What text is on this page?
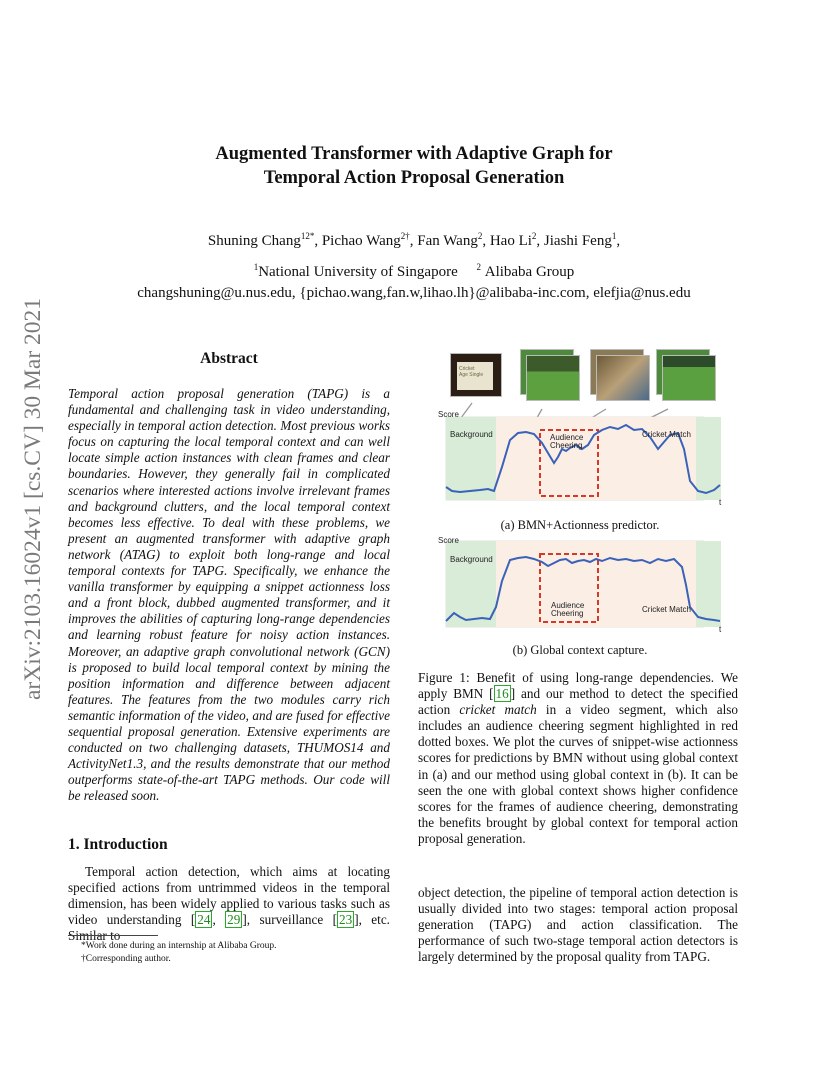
arXiv:2103.16024v1 [cs.CV] 30 Mar 2021
Augmented Transformer with Adaptive Graph for
Temporal Action Proposal Generation
Shuning Chang$^{12*}$, Pichao Wang$^{2\dagger}$, Fan Wang$^2$, Hao Li$^2$, Jiashi Feng$^1$,
$^1$National University of Singapore $^2$ Alibaba Group
changshuning@u.nus.edu, {pichao.wang,fan.w,lihao.lh}@alibaba-inc.com, elefjia@nus.edu
Abstract
Temporal action proposal generation (TAPG) is a fundamental and challenging task in video understanding, especially in temporal action detection. Most previous works focus on capturing the local temporal context and can well locate simple action instances with clean frames and clear boundaries. However, they generally fail in complicated scenarios where interested actions involve irrelevant frames and background clutters, and the local temporal context becomes less effective. To deal with these problems, we present an augmented transformer with adaptive graph network (ATAG) to exploit both long-range and local temporal contexts for TAPG. Specifically, we enhance the vanilla transformer by equipping a snippet actionness loss and a front block, dubbed augmented transformer, and it improves the abilities of capturing long-range dependencies and learning robust feature for noisy action instances. Moreover, an adaptive graph convolutional network (GCN) is proposed to build local temporal context by mining the position information and difference between adjacent features. The features from the two modules carry rich semantic information of the video, and are fused for effective sequential proposal generation. Extensive experiments are conducted on two challenging datasets, THUMOS14 and ActivityNet1.3, and the results demonstrate that our method outperforms state-of-the-art TAPG methods. Our code will be released soon.
1. Introduction
Temporal action detection, which aims at locating specified actions from untrimmed videos in the temporal dimension, has been widely applied to various tasks such as video understanding [ 24 , 29 ], surveillance [ 23 ], etc. Similar to
*Work done during an internship at Alibaba Group.
†Corresponding author.
Cricket
Age Single
Score
t
Background	Audience
Cheering
Cricket Match
Score
t
Background
Audience
Cheering	Cricket Match
(a) BMN+Actionness predictor.
(b) Global context capture.
Figure 1: Benefit of using long-range dependencies. We apply BMN [ 16 ] and our method to detect the specified action cricket match in a video segment, which also includes an audience cheering segment highlighted in red dotted boxes. We plot the curves of snippet-wise actionness scores for predictions by BMN without using global context in (a) and our method using global context in (b). It can be seen the one with global context shows higher confidence scores for the frames of audience cheering, demonstrating the benefits brought by global context for temporal action proposal generation.
object detection, the pipeline of temporal action detection is usually divided into two stages: temporal action proposal generation (TAPG) and action classification. The performance of such two-stage temporal action detectors is largely determined by the proposal quality from TAPG.
